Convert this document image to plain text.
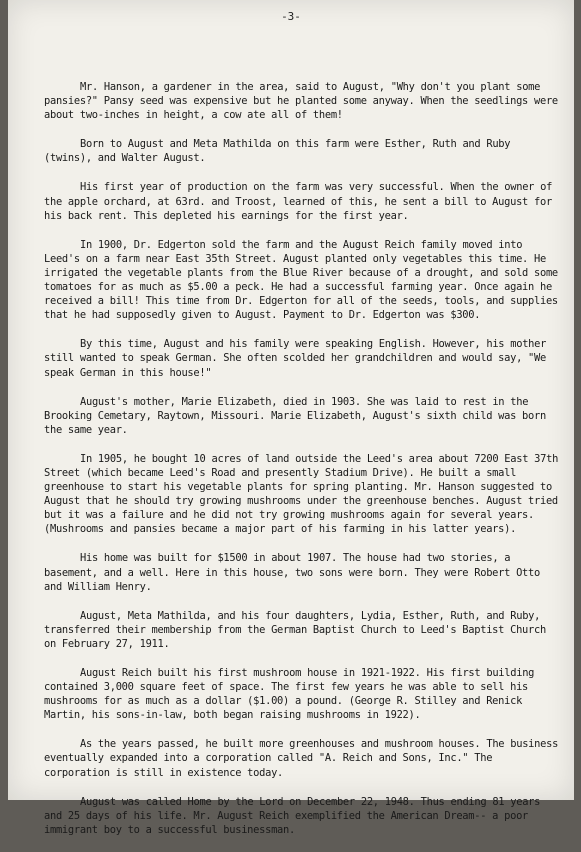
-3-

Mr. Hanson, a gardener in the area, said to August, "Why don't you plant some pansies?" Pansy seed was expensive but he planted some anyway. When the seedlings were about two-inches in height, a cow ate all of them!

Born to August and Meta Mathilda on this farm were Esther, Ruth and Ruby (twins), and Walter August.

His first year of production on the farm was very successful. When the owner of the apple orchard, at 63rd. and Troost, learned of this, he sent a bill to August for his back rent. This depleted his earnings for the first year.

In 1900, Dr. Edgerton sold the farm and the August Reich family moved into Leed's on a farm near East 35th Street. August planted only vegetables this time. He irrigated the vegetable plants from the Blue River because of a drought, and sold some tomatoes for as much as $5.00 a peck. He had a successful farming year. Once again he received a bill! This time from Dr. Edgerton for all of the seeds, tools, and supplies that he had supposedly given to August. Payment to Dr. Edgerton was $300.

By this time, August and his family were speaking English. However, his mother still wanted to speak German. She often scolded her grandchildren and would say, "We speak German in this house!"

August's mother, Marie Elizabeth, died in 1903. She was laid to rest in the Brooking Cemetary, Raytown, Missouri. Marie Elizabeth, August's sixth child was born the same year.

In 1905, he bought 10 acres of land outside the Leed's area about 7200 East 37th Street (which became Leed's Road and presently Stadium Drive). He built a small greenhouse to start his vegetable plants for spring planting. Mr. Hanson suggested to August that he should try growing mushrooms under the greenhouse benches. August tried but it was a failure and he did not try growing mushrooms again for several years. (Mushrooms and pansies became a major part of his farming in his latter years).

His home was built for $1500 in about 1907. The house had two stories, a basement, and a well. Here in this house, two sons were born. They were Robert Otto and William Henry.

August, Meta Mathilda, and his four daughters, Lydia, Esther, Ruth, and Ruby, transferred their membership from the German Baptist Church to Leed's Baptist Church on February 27, 1911.

August Reich built his first mushroom house in 1921-1922. His first building contained 3,000 square feet of space. The first few years he was able to sell his mushrooms for as much as a dollar ($1.00) a pound. (George R. Stilley and Renick Martin, his sons-in-law, both began raising mushrooms in 1922).

As the years passed, he built more greenhouses and mushroom houses. The business eventually expanded into a corporation called "A. Reich and Sons, Inc." The corporation is still in existence today.

August was called Home by the Lord on December 22, 1948. Thus ending 81 years and 25 days of his life. Mr. August Reich exemplified the American Dream-- a poor immigrant boy to a successful businessman.
